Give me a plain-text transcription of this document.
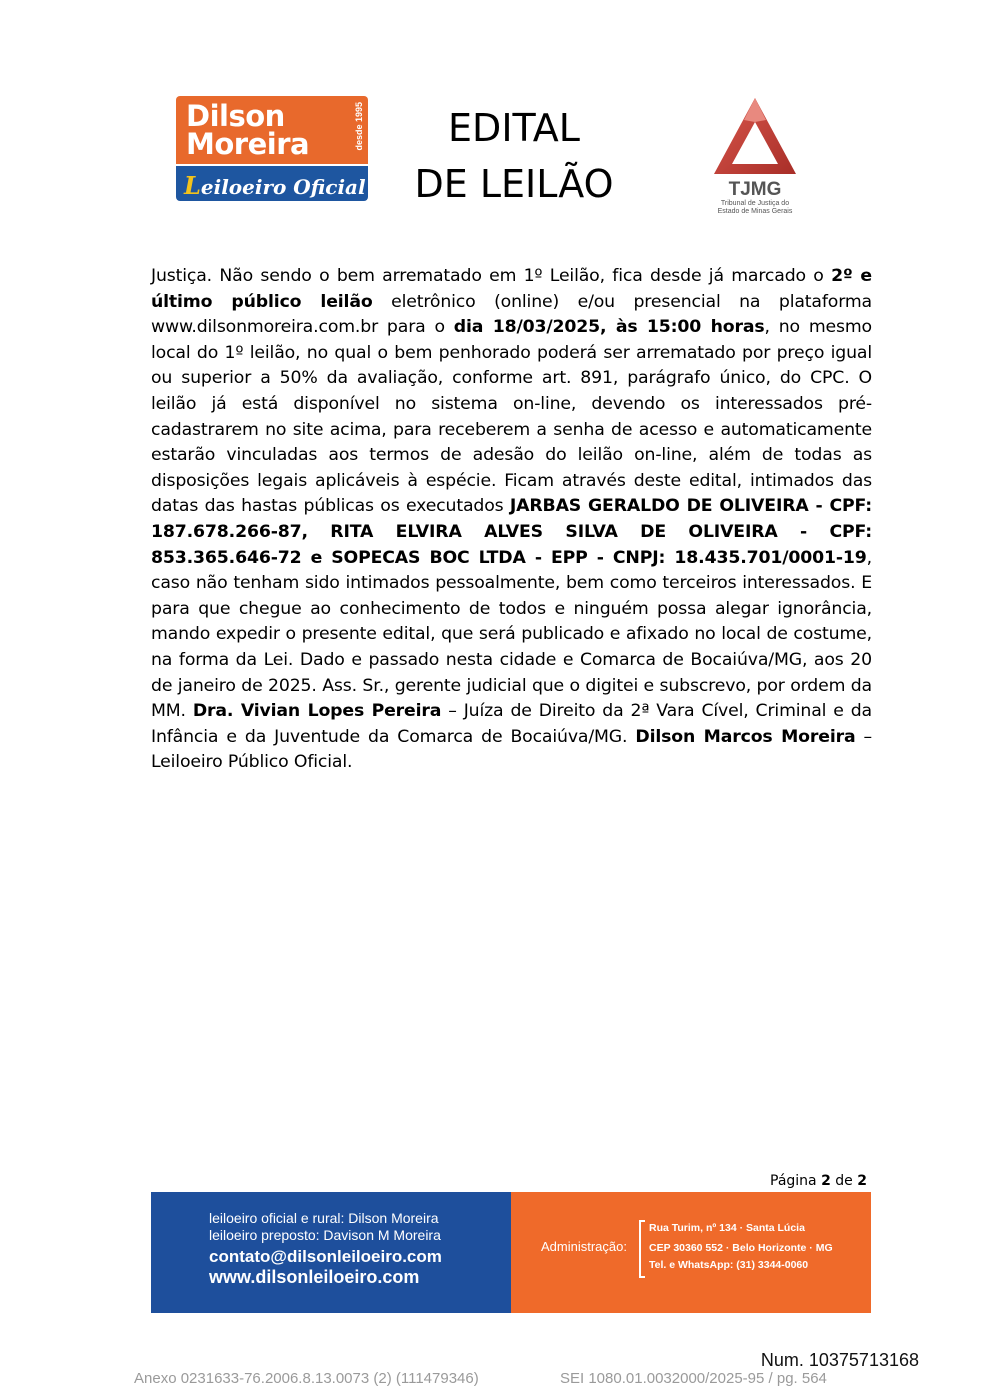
Dilson
Moreira	desde 1995
Leiloeiro Oficial
EDITAL
DE LEILÃO	TJMG
Tribunal de Justiça do
Estado de Minas Gerais
Justiça. Não sendo o bem arrematado em 1º Leilão, fica desde já marcado o 2º e último público leilão eletrônico (online) e/ou presencial na plataforma www.dilsonmoreira.com.br para o dia 18/03/2025, às 15:00 horas, no mesmo local do 1º leilão, no qual o bem penhorado poderá ser arrematado por preço igual ou superior a 50% da avaliação, conforme art. 891, parágrafo único, do CPC. O leilão já está disponível no sistema on-line, devendo os interessados pré-cadastrarem no site acima, para receberem a senha de acesso e automaticamente estarão vinculadas aos termos de adesão do leilão on-line, além de todas as disposições legais aplicáveis à espécie. Ficam através deste edital, intimados das datas das hastas públicas os executados JARBAS GERALDO DE OLIVEIRA - CPF: 187.678.266-87, RITA ELVIRA ALVES SILVA DE OLIVEIRA - CPF: 853.365.646-72 e SOPECAS BOC LTDA - EPP - CNPJ: 18.435.701/0001-19, caso não tenham sido intimados pessoalmente, bem como terceiros interessados. E para que chegue ao conhecimento de todos e ninguém possa alegar ignorância, mando expedir o presente edital, que será publicado e afixado no local de costume, na forma da Lei. Dado e passado nesta cidade e Comarca de Bocaiúva/MG, aos 20 de janeiro de 2025. Ass. Sr., gerente judicial que o digitei e subscrevo, por ordem da MM. Dra. Vivian Lopes Pereira – Juíza de Direito da 2ª Vara Cível, Criminal e da Infância e da Juventude da Comarca de Bocaiúva/MG. Dilson Marcos Moreira – Leiloeiro Público Oficial.
Página 2 de 2
leiloeiro oficial e rural: Dilson Moreira
leiloeiro preposto: Davison M Moreira
contato@dilsonleiloeiro.com
www.dilsonleiloeiro.com
Administração:
Rua Turim, nº 134 · Santa Lúcia
CEP 30360 552 · Belo Horizonte · MG
Tel. e WhatsApp: (31) 3344-0060
Num. 10375713168
Anexo 0231633-76.2006.8.13.0073 (2) (111479346)	SEI 1080.01.0032000/2025-95 / pg. 564
